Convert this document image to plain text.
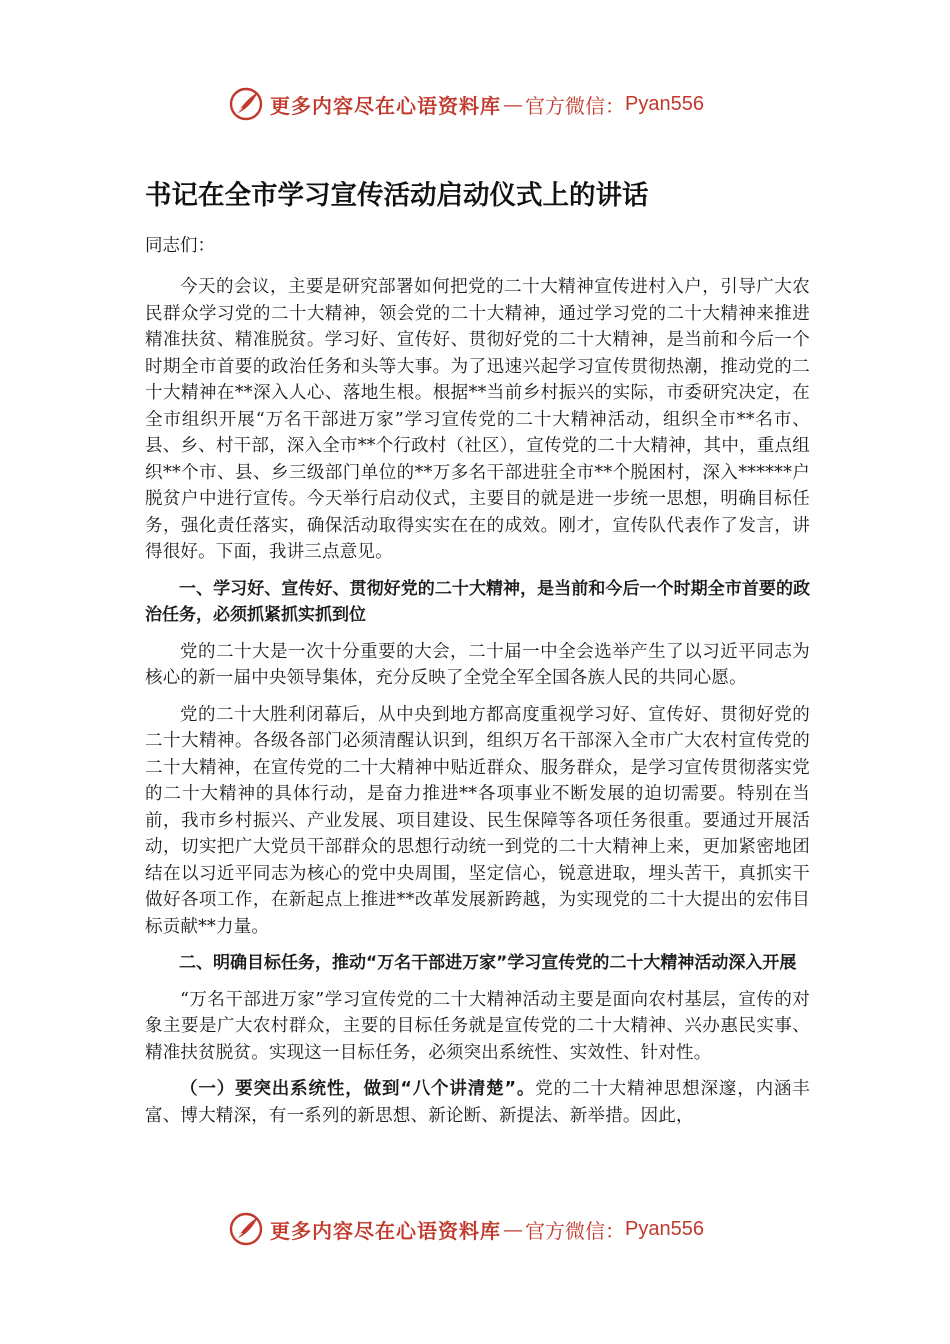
更多内容尽在心语资料库 — 官方微信： Pyan556
书记在全市学习宣传活动启动仪式上的讲话

同志们：

今天的会议，主要是研究部署如何把党的二十大精神宣传进村入户，引导广大农民群众学习党的二十大精神，领会党的二十大精神，通过学习党的二十大精神来推进精准扶贫、精准脱贫。学习好、宣传好、贯彻好党的二十大精神，是当前和今后一个时期全市首要的政治任务和头等大事。为了迅速兴起学习宣传贯彻热潮，推动党的二十大精神在**深入人心、落地生根。根据**当前乡村振兴的实际，市委研究决定，在全市组织开展“万名干部进万家”学习宣传党的二十大精神活动，组织全市**名市、县、乡、村干部，深入全市**个行政村（社区），宣传党的二十大精神，其中，重点组织**个市、县、乡三级部门单位的**万多名干部进驻全市**个脱困村，深入******户脱贫户中进行宣传。今天举行启动仪式，主要目的就是进一步统一思想，明确目标任务，强化责任落实，确保活动取得实实在在的成效。刚才，宣传队代表作了发言，讲得很好。下面，我讲三点意见。

一、学习好、宣传好、贯彻好党的二十大精神，是当前和今后一个时期全市首要的政治任务，必须抓紧抓实抓到位

党的二十大是一次十分重要的大会，二十届一中全会选举产生了以习近平同志为核心的新一届中央领导集体，充分反映了全党全军全国各族人民的共同心愿。

党的二十大胜利闭幕后，从中央到地方都高度重视学习好、宣传好、贯彻好党的二十大精神。各级各部门必须清醒认识到，组织万名干部深入全市广大农村宣传党的二十大精神，在宣传党的二十大精神中贴近群众、服务群众，是学习宣传贯彻落实党的二十大精神的具体行动，是奋力推进**各项事业不断发展的迫切需要。特别在当前，我市乡村振兴、产业发展、项目建设、民生保障等各项任务很重。要通过开展活动，切实把广大党员干部群众的思想行动统一到党的二十大精神上来，更加紧密地团结在以习近平同志为核心的党中央周围，坚定信心，锐意进取，埋头苦干，真抓实干做好各项工作，在新起点上推进**改革发展新跨越，为实现党的二十大提出的宏伟目标贡献**力量。

二、明确目标任务，推动“万名干部进万家”学习宣传党的二十大精神活动深入开展

“万名干部进万家”学习宣传党的二十大精神活动主要是面向农村基层，宣传的对象主要是广大农村群众，主要的目标任务就是宣传党的二十大精神、兴办惠民实事、精准扶贫脱贫。实现这一目标任务，必须突出系统性、实效性、针对性。

（一）要突出系统性，做到“八个讲清楚”。党的二十大精神思想深邃，内涵丰富、博大精深，有一系列的新思想、新论断、新提法、新举措。因此，

更多内容尽在心语资料库 — 官方微信： Pyan556
